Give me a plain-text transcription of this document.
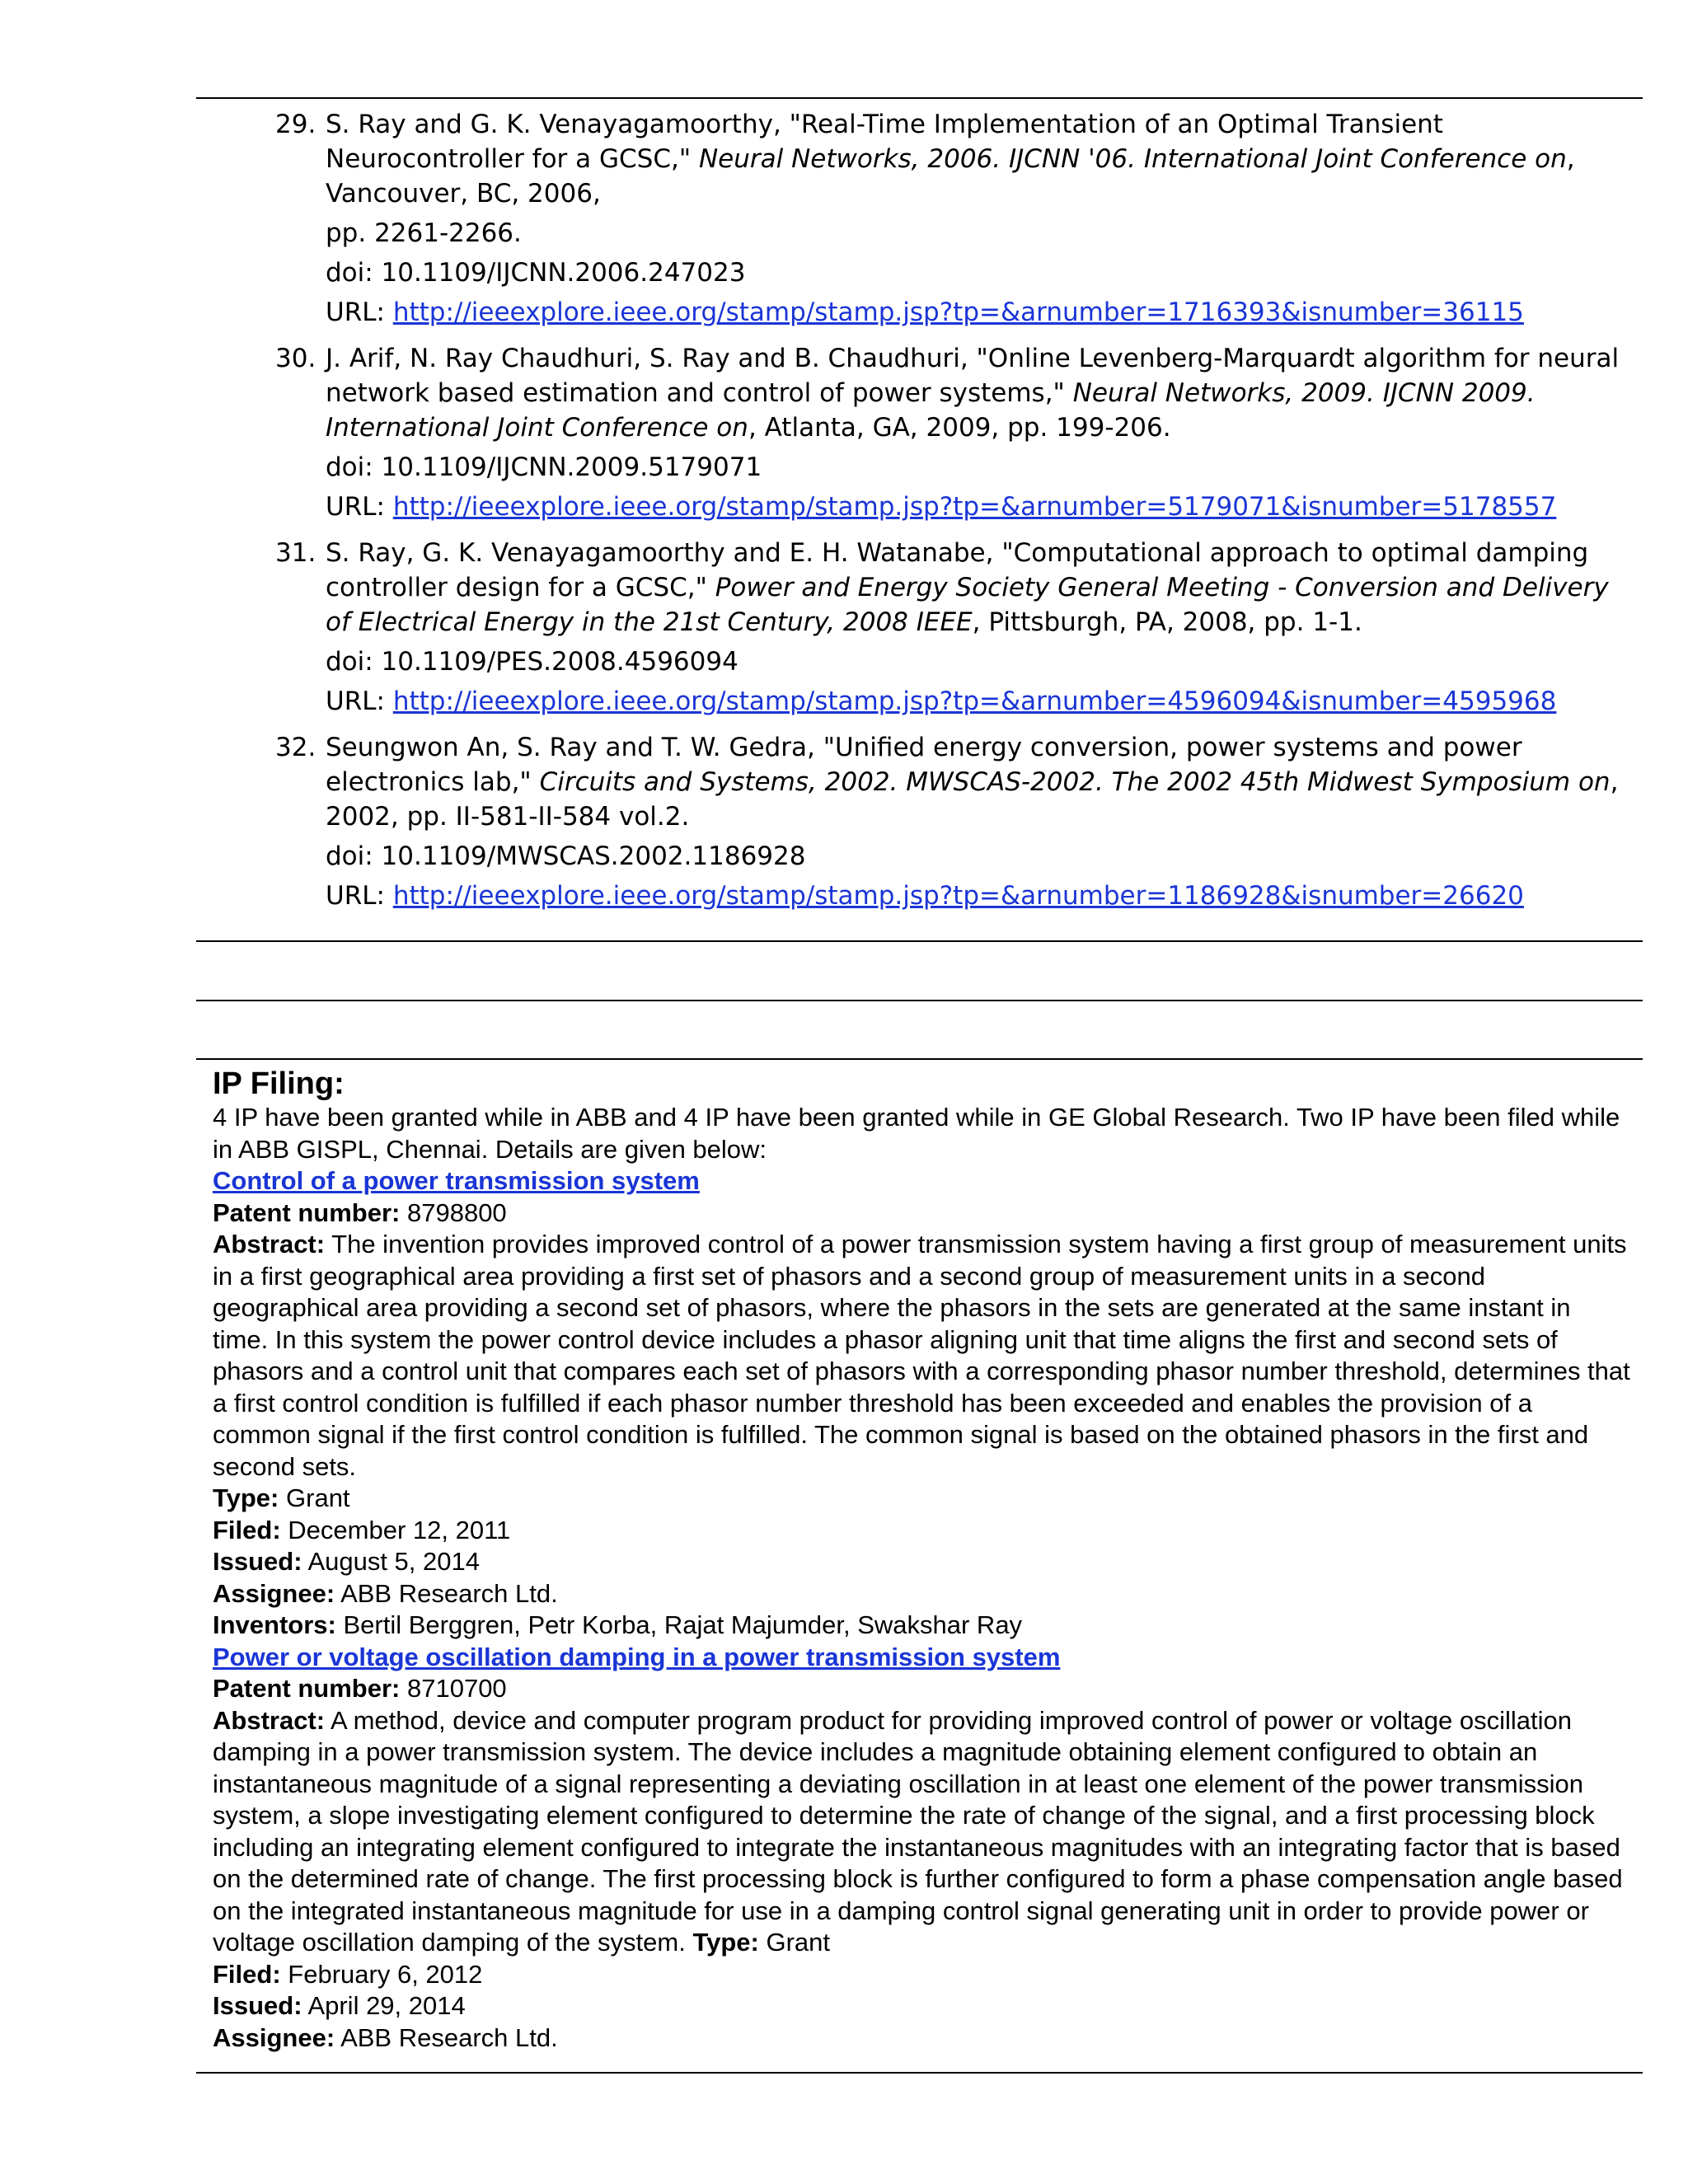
29. S. Ray and G. K. Venayagamoorthy, "Real-Time Implementation of an Optimal Transient Neurocontroller for a GCSC," Neural Networks, 2006. IJCNN '06. International Joint Conference on, Vancouver, BC, 2006,
pp. 2261-2266.
doi: 10.1109/IJCNN.2006.247023
URL: http://ieeexplore.ieee.org/stamp/stamp.jsp?tp=&arnumber=1716393&isnumber=36115
30. J. Arif, N. Ray Chaudhuri, S. Ray and B. Chaudhuri, "Online Levenberg-Marquardt algorithm for neural network based estimation and control of power systems," Neural Networks, 2009. IJCNN 2009. International Joint Conference on, Atlanta, GA, 2009, pp. 199-206.
doi: 10.1109/IJCNN.2009.5179071
URL: http://ieeexplore.ieee.org/stamp/stamp.jsp?tp=&arnumber=5179071&isnumber=5178557
31. S. Ray, G. K. Venayagamoorthy and E. H. Watanabe, "Computational approach to optimal damping controller design for a GCSC," Power and Energy Society General Meeting - Conversion and Delivery of Electrical Energy in the 21st Century, 2008 IEEE, Pittsburgh, PA, 2008, pp. 1-1.
doi: 10.1109/PES.2008.4596094
URL: http://ieeexplore.ieee.org/stamp/stamp.jsp?tp=&arnumber=4596094&isnumber=4595968
32. Seungwon An, S. Ray and T. W. Gedra, "Unified energy conversion, power systems and power electronics lab," Circuits and Systems, 2002. MWSCAS-2002. The 2002 45th Midwest Symposium on, 2002, pp. II-581-II-584 vol.2.
doi: 10.1109/MWSCAS.2002.1186928
URL: http://ieeexplore.ieee.org/stamp/stamp.jsp?tp=&arnumber=1186928&isnumber=26620
IP Filing:
4 IP have been granted while in ABB and 4 IP have been granted while in GE Global Research. Two IP have been filed while in ABB GISPL, Chennai. Details are given below:
Control of a power transmission system
Patent number: 8798800
Abstract: The invention provides improved control of a power transmission system having a first group of measurement units in a first geographical area providing a first set of phasors and a second group of measurement units in a second geographical area providing a second set of phasors, where the phasors in the sets are generated at the same instant in time. In this system the power control device includes a phasor aligning unit that time aligns the first and second sets of phasors and a control unit that compares each set of phasors with a corresponding phasor number threshold, determines that a first control condition is fulfilled if each phasor number threshold has been exceeded and enables the provision of a common signal if the first control condition is fulfilled. The common signal is based on the obtained phasors in the first and second sets.
Type: Grant
Filed: December 12, 2011
Issued: August 5, 2014
Assignee: ABB Research Ltd.
Inventors: Bertil Berggren, Petr Korba, Rajat Majumder, Swakshar Ray
Power or voltage oscillation damping in a power transmission system
Patent number: 8710700
Abstract: A method, device and computer program product for providing improved control of power or voltage oscillation damping in a power transmission system. The device includes a magnitude obtaining element configured to obtain an instantaneous magnitude of a signal representing a deviating oscillation in at least one element of the power transmission system, a slope investigating element configured to determine the rate of change of the signal, and a first processing block including an integrating element configured to integrate the instantaneous magnitudes with an integrating factor that is based on the determined rate of change. The first processing block is further configured to form a phase compensation angle based on the integrated instantaneous magnitude for use in a damping control signal generating unit in order to provide power or voltage oscillation damping of the system. Type: Grant
Filed: February 6, 2012
Issued: April 29, 2014
Assignee: ABB Research Ltd.
